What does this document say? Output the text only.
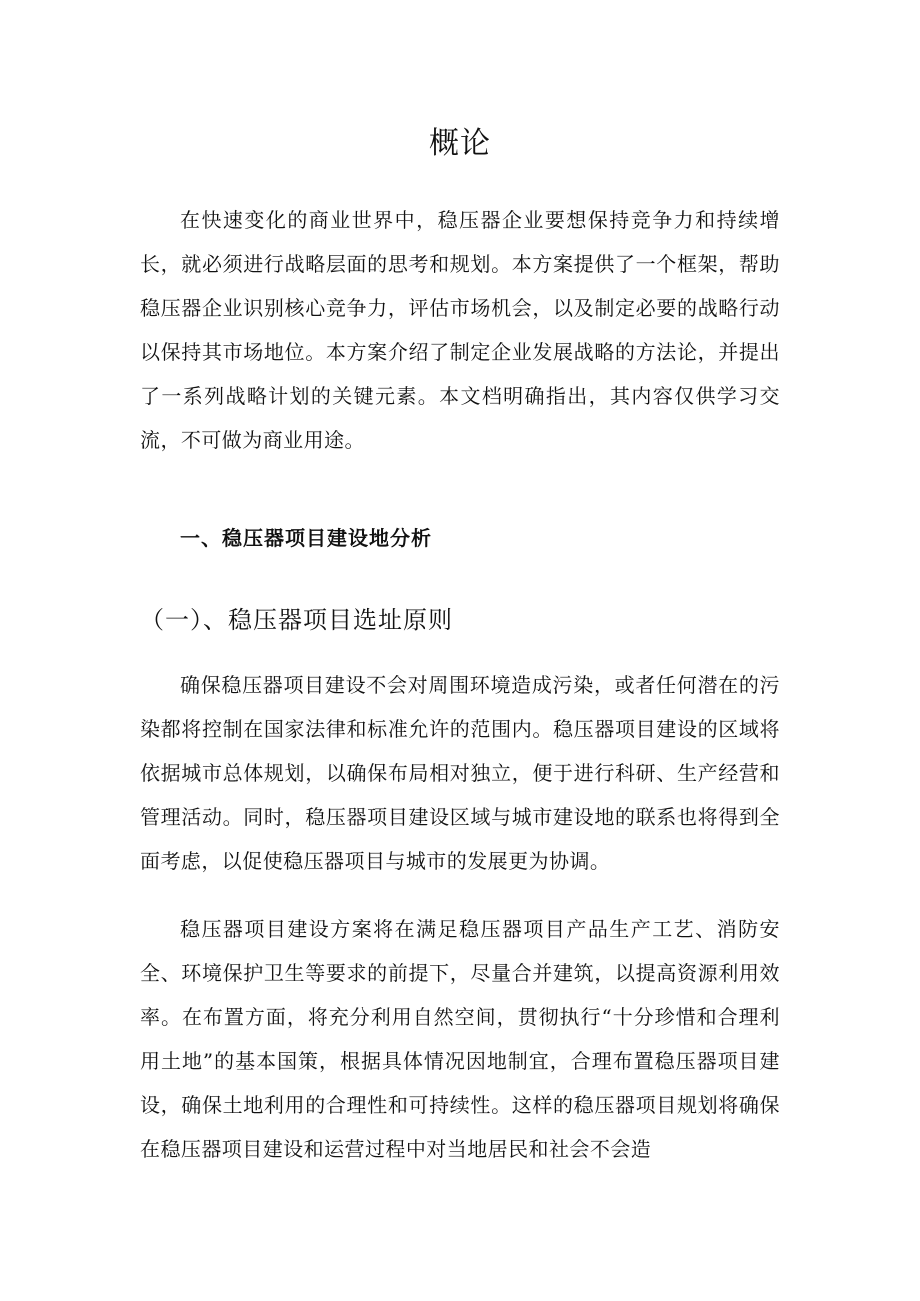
概论

在快速变化的商业世界中，稳压器企业要想保持竞争力和持续增长，就必须进行战略层面的思考和规划。本方案提供了一个框架，帮助稳压器企业识别核心竞争力，评估市场机会，以及制定必要的战略行动以保持其市场地位。本方案介绍了制定企业发展战略的方法论，并提出了一系列战略计划的关键元素。本文档明确指出，其内容仅供学习交流，不可做为商业用途。

一、稳压器项目建设地分析
（一）、稳压器项目选址原则

确保稳压器项目建设不会对周围环境造成污染，或者任何潜在的污染都将控制在国家法律和标准允许的范围内。稳压器项目建设的区域将依据城市总体规划，以确保布局相对独立，便于进行科研、生产经营和管理活动。同时，稳压器项目建设区域与城市建设地的联系也将得到全面考虑，以促使稳压器项目与城市的发展更为协调。

稳压器项目建设方案将在满足稳压器项目产品生产工艺、消防安全、环境保护卫生等要求的前提下，尽量合并建筑，以提高资源利用效率。在布置方面，将充分利用自然空间，贯彻执行“十分珍惜和合理利用土地”的基本国策，根据具体情况因地制宜，合理布置稳压器项目建设，确保土地利用的合理性和可持续性。这样的稳压器项目规划将确保在稳压器项目建设和运营过程中对当地居民和社会不会造
